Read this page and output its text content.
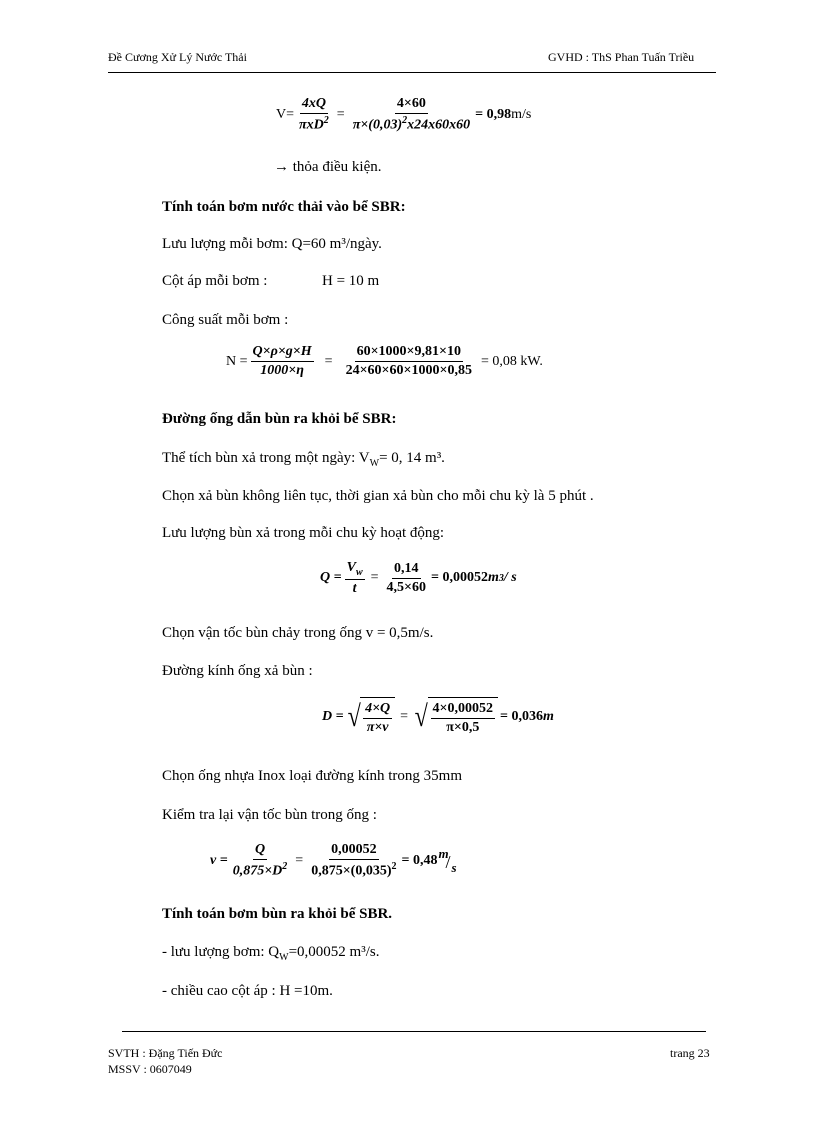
Đề Cương Xử Lý Nước Thải	GVHD : ThS Phan Tuấn Triều
$V= \frac{4xQ}{\pi xD^2} = \frac{4\times 60}{\pi\times(0,03)^2x24x60x60} = 0,98$ m/s
→ thỏa điều kiện.
Tính toán bơm nước thải vào bể SBR:
Lưu lượng mỗi bơm: Q=60 m³/ngày.
Cột áp mỗi bơm :	H = 10 m
Công suất mỗi bơm :
$N = \frac{Q\times\rho\times g\times H}{1000\times\eta} = \frac{60\times 1000\times 9,81\times 10}{24\times 60\times 60\times 1000\times 0,85} = 0,08$ kW.
Đường ống dẫn bùn ra khỏi bể SBR:
Thể tích bùn xả trong một ngày: $V_W= 0$, 14 m³.
Chọn xả bùn không liên tục, thời gian xả bùn cho mỗi chu kỳ là 5 phút .
Lưu lượng bùn xả trong mỗi chu kỳ hoạt động:
$Q = \frac{V_w}{t} = \frac{0,14}{4,5\times 60} = 0,00052$ m 3 / s
Chọn vận tốc bùn chảy trong ống v = 0,5m/s.
Đường kính ống xả bùn :
D = √ $\frac{4\times Q}{\pi\times v}$ = √ $\frac{4\times 0,00052}{\pi\times 0,5} = 0,036$ m
Chọn ống nhựa Inox loại đường kính trong 35mm
Kiểm tra lại vận tốc bùn trong ống :
$v = \frac{Q}{0,875\times D^2} = \frac{0,00052}{0,875\times(0,035)^2} = 0,48$ m
/ s
Tính toán bơm bùn ra khỏi bể SBR.
- lưu lượng bơm: $Q_W=0,00052$ m³/s.
- chiều cao cột áp : H =10m.
SVTH : Đặng Tiến Đức
MSSV : 0607049
trang 23
